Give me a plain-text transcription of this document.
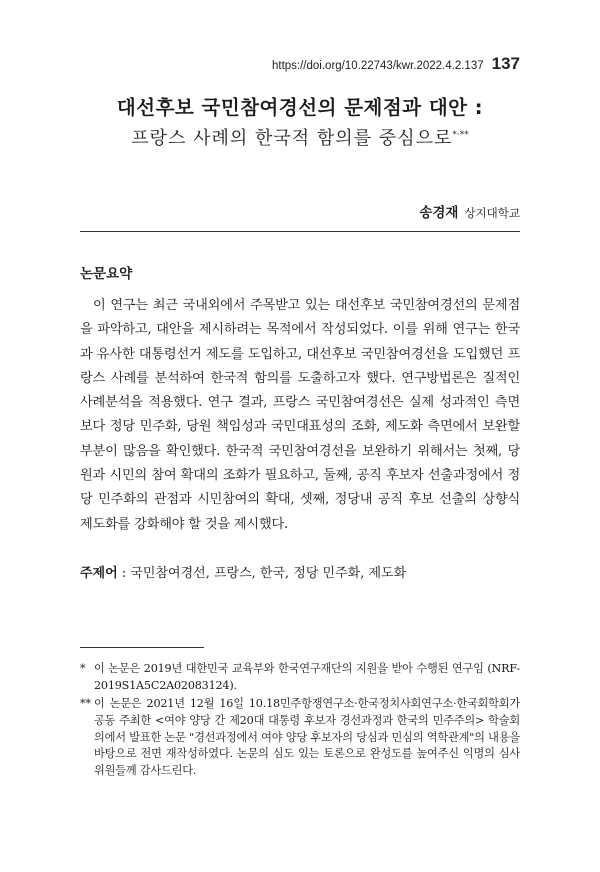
https://doi.org/10.22743/kwr.2022.4.2.137 137
대선후보 국민참여경선의 문제점과 대안 :
프랑스 사례의 한국적 함의를 중심으로*·**
송경재 상지대학교
논문요약

이 연구는 최근 국내외에서 주목받고 있는 대선후보 국민참여경선의 문제점을 파악하고, 대안을 제시하려는 목적에서 작성되었다. 이를 위해 연구는 한국과 유사한 대통령선거 제도를 도입하고, 대선후보 국민참여경선을 도입했던 프랑스 사례를 분석하여 한국적 함의를 도출하고자 했다. 연구방법론은 질적인 사례분석을 적용했다. 연구 결과, 프랑스 국민참여경선은 실제 성과적인 측면보다 정당 민주화, 당원 책임성과 국민대표성의 조화, 제도화 측면에서 보완할 부분이 많음을 확인했다. 한국적 국민참여경선을 보완하기 위해서는 첫째, 당원과 시민의 참여 확대의 조화가 필요하고, 둘째, 공직 후보자 선출과정에서 정당 민주화의 관점과 시민참여의 확대, 셋째, 정당내 공직 후보 선출의 상향식 제도화를 강화해야 할 것을 제시했다.

주제어 : 국민참여경선, 프랑스, 한국, 정당 민주화, 제도화
* 이 논문은 2019년 대한민국 교육부와 한국연구재단의 지원을 받아 수행된 연구임 (NRF-2019S1A5C2A02083124).
** 이 논문은 2021년 12월 16일 10.18민주항쟁연구소·한국정치사회연구소·한국회학회가 공동 주최한 <여야 양당 간 제20대 대통령 후보자 경선과정과 한국의 민주주의> 학술회의에서 발표한 논문 "경선과정에서 여야 양당 후보자의 당심과 민심의 역학관계"의 내용을 바탕으로 전면 재작성하였다. 논문의 심도 있는 토론으로 완성도를 높여주신 익명의 심사위원들께 감사드린다.
